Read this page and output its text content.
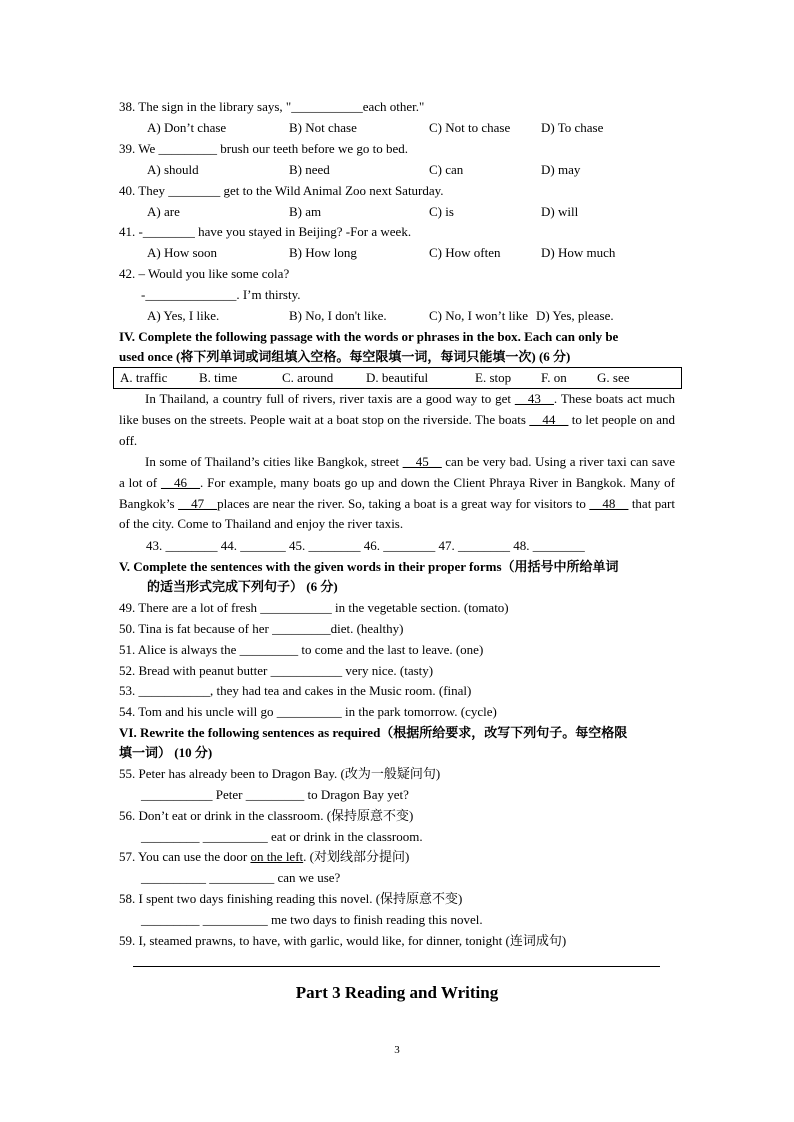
38. The sign in the library says, "___________each other."
A) Don’t chase	B) Not chase	C) Not to chase D) To chase
39. We _________ brush our teeth before we go to bed.
A) should	B) need	C) can	D) may
40. They ________ get to the Wild Animal Zoo next Saturday.
A) are	B) am	C) is	D) will
41. -________ have you stayed in Beijing? -For a week.
A) How soon	B) How long	C) How often	D) How much
42. – Would you like some cola?
-______________. I’m thirsty.
A) Yes, I like.	B) No, I don't like.	C) No, I won’t like D) Yes, please.
IV. Complete the following passage with the words or phrases in the box. Each can only be
used once (将下列单词或词组填入空格。每空限填一词，每词只能填一次) (6 分)
A. traffic B. time	C. around	D. beautiful	E. stop F. on G. see
In Thailand, a country full of rivers, river taxis are a good way to get __43__. These boats act much like buses on the streets. People wait at a boat stop on the riverside. The boats __44__ to let people on and off.
In some of Thailand’s cities like Bangkok, street __45__ can be very bad. Using a river taxi can save a lot of __46__. For example, many boats go up and down the Client Phraya River in Bangkok. Many of Bangkok’s __47__places are near the river. So, taking a boat is a great way for visitors to __48__ that part of the city. Come to Thailand and enjoy the river taxis.
43. ________ 44. _______ 45. ________ 46. ________ 47. ________ 48. ________
V. Complete the sentences with the given words in their proper forms（用括号中所给单词
的适当形式完成下列句子） (6 分)
49. There are a lot of fresh ___________ in the vegetable section. (tomato)
50. Tina is fat because of her _________diet. (healthy)
51. Alice is always the _________ to come and the last to leave. (one)
52. Bread with peanut butter ___________ very nice. (tasty)
53. ___________, they had tea and cakes in the Music room. (final)
54. Tom and his uncle will go __________ in the park tomorrow. (cycle)
VI. Rewrite the following sentences as required（根据所给要求，改写下列句子。每空格限
填一词） (10 分)
55. Peter has already been to Dragon Bay. (改为一般疑问句)
___________ Peter _________ to Dragon Bay yet?
56. Don’t eat or drink in the classroom. (保持原意不变)
_________ __________ eat or drink in the classroom.
57. You can use the door on the left. (对划线部分提问)
__________ __________ can we use?
58. I spent two days finishing reading this novel. (保持原意不变)
_________ __________ me two days to finish reading this novel.
59. I, steamed prawns, to have, with garlic, would like, for dinner, tonight (连词成句)
Part 3 Reading and Writing
3
